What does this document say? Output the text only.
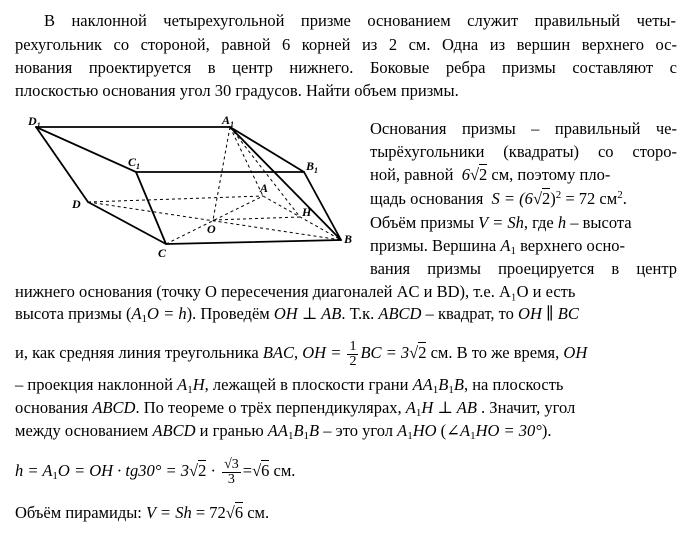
В наклонной четырехугольной призме основанием служит правильный четы-
рехугольник со стороной, равной 6 корней из 2 см. Одна из вершин верхнего ос-
нования проектируется в центр нижнего. Боковые ребра призмы составляют с
плоскостью основания угол 30 градусов. Найти объем призмы.
$D_1$	$A_1$
$C_1$	$B_1$
D
A
O
H
C
B
Основания призмы – правильный че-
тырёхугольники (квадраты) со сторо-
ной, равной 6√2 см, поэтому пло-
щадь основания $S = (6√2)^2 = 72$ $см^2$.
Объём призмы V = Sh, где h – высота
призмы. Вершина $A_1$ верхнего осно-
вания призмы проецируется в центр
нижнего основания (точку O пересечения диагоналей AC и BD), т.е. A₁O и есть
высота призмы $(A_1O = h)$. Проведём OH ⊥ AB. Т.к. ABCD – квадрат, то OH ∥ BC
и, как средняя линия треугольника BAC, OH = $\frac{1}{2}$ BC = 3√2 см. В то же время, OH
– проекция наклонной $A_1H$, лежащей в плоскости грани $AA_1B_1B$, на плоскость
основания ABCD. По теореме о трёх перпендикулярах, $A_1H$ ⊥ AB . Значит, угол
между основанием ABCD и гранью $AA_1B_1B$ – это угол $A_1HO$ $(\angle A_1HO = 30^\circ)$.
$h = A_1O$ = OH · $tg30^\circ = 3√2 \cdot \frac{√3}{3} =√6$ см.
Объём пирамиды: V = Sh = 72√6 см.
